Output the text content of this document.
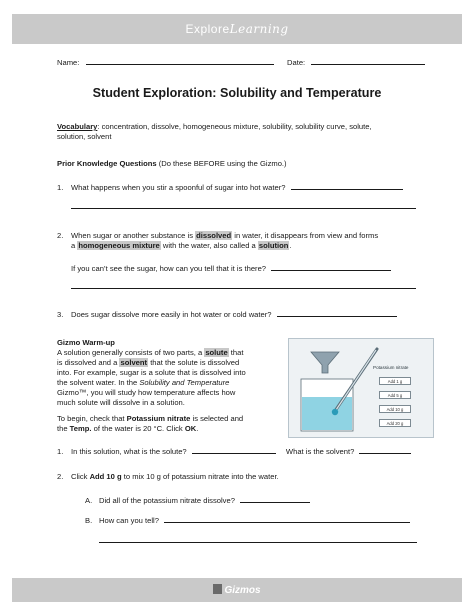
ExploreLearning
Name:	Date:
Student Exploration: Solubility and Temperature
Vocabulary: concentration, dissolve, homogeneous mixture, solubility, solubility curve, solute,
solution, solvent
Prior Knowledge Questions (Do these BEFORE using the Gizmo.)
1. What happens when you stir a spoonful of sugar into hot water?
2. When sugar or another substance is dissolved in water, it disappears from view and forms
a homogeneous mixture with the water, also called a solution.
If you can’t see the sugar, how can you tell that it is there?
3. Does sugar dissolve more easily in hot water or cold water?
Gizmo Warm-up
A solution generally consists of two parts, a solute that
is dissolved and a solvent that the solute is dissolved
into. For example, sugar is a solute that is dissolved into
the solvent water. In the Solubility and Temperature
Gizmo™, you will study how temperature affects how
much solute will dissolve in a solution.
To begin, check that Potassium nitrate is selected and
the Temp. of the water is 20 °C. Click OK.
Potassium nitrate
Add 1 g
Add 5 g
Add 10 g
Add 20 g
1. In this solution, what is the solute?	What is the solvent?
2. Click Add 10 g to mix 10 g of potassium nitrate into the water.
A. Did all of the potassium nitrate dissolve?
B. How can you tell?
Gizmos
